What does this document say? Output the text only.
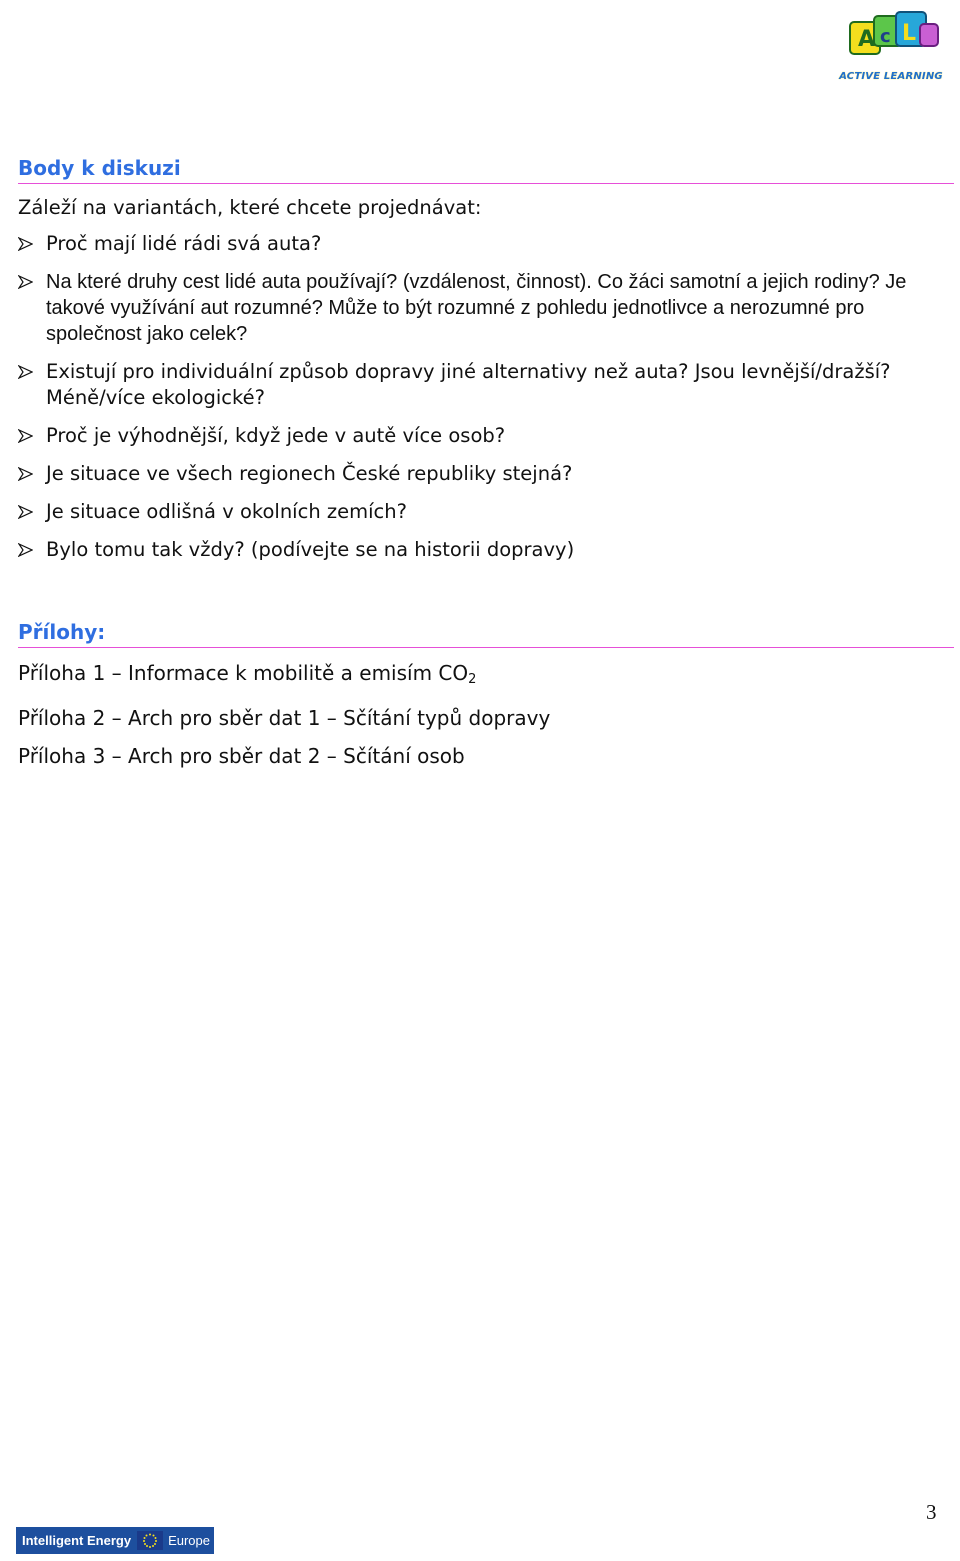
A c L
ACTIVE LEARNING
Body k diskuzi

Záleží na variantách, které chcete projednávat:

Proč mají lidé rádi svá auta?
Na které druhy cest lidé auta používají? (vzdálenost, činnost). Co žáci samotní a jejich rodiny? Je takové využívání aut rozumné? Může to být rozumné z pohledu jednotlivce a nerozumné pro společnost jako celek?
Existují pro individuální způsob dopravy jiné alternativy než auta? Jsou levnější/dražší? Méně/více ekologické?
Proč je výhodnější, když jede v autě více osob?
Je situace ve všech regionech České republiky stejná?
Je situace odlišná v okolních zemích?
Bylo tomu tak vždy? (podívejte se na historii dopravy)
Přílohy:
Příloha 1 – Informace k mobilitě a emisím $CO_2$
Příloha 2 – Arch pro sběr dat 1 – Sčítání typů dopravy
Příloha 3 – Arch pro sběr dat 2 – Sčítání osob
3
Intelligent Energy	Europe
